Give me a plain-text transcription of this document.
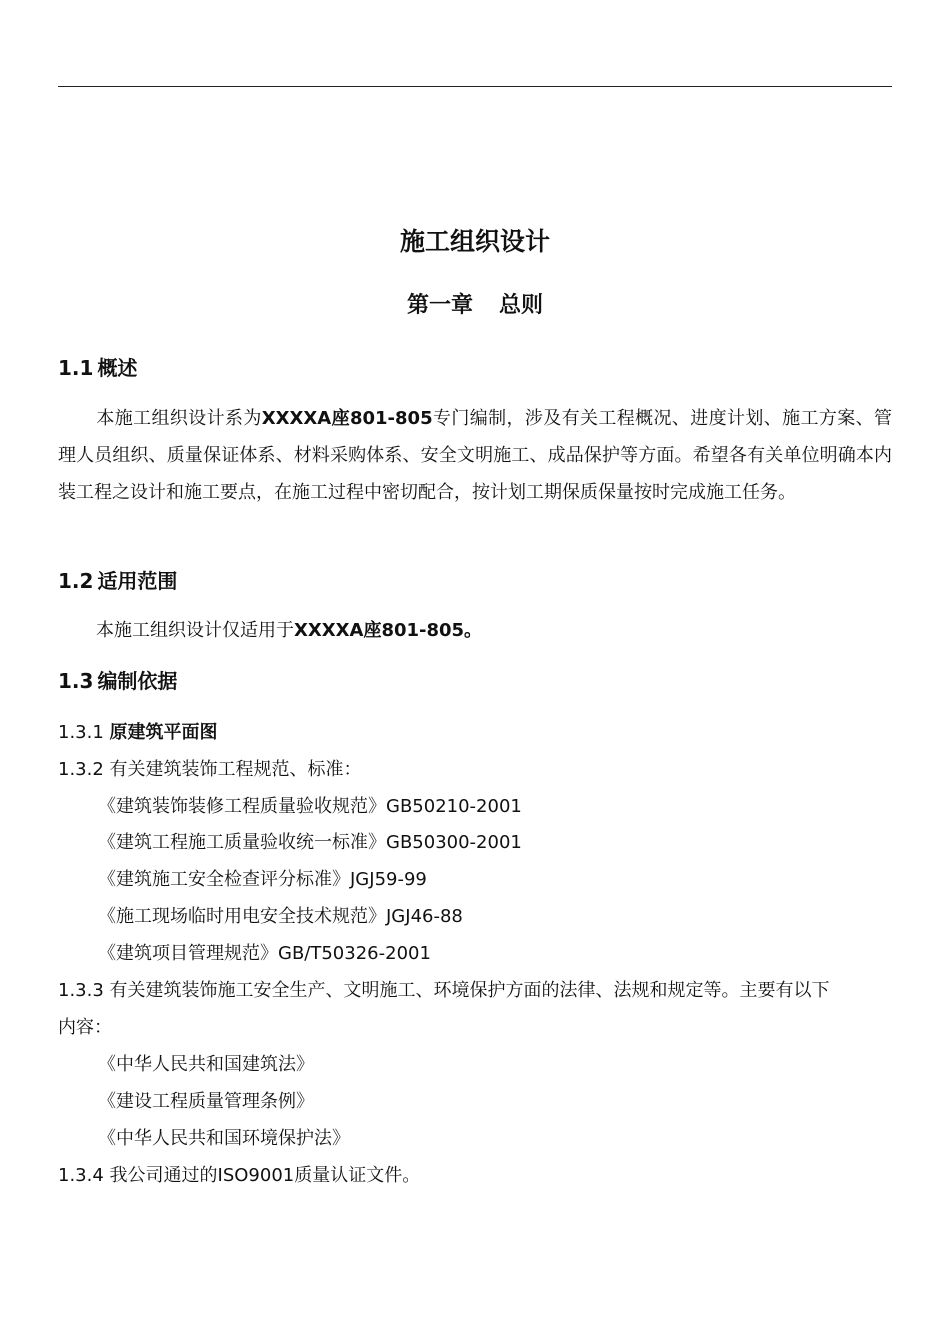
施工组织设计
第一章 总则
1.1 概述
本施工组织设计系为XXXXA座801-805专门编制，涉及有关工程概况、进度计划、施工方案、管理人员组织、质量保证体系、材料采购体系、安全文明施工、成品保护等方面。希望各有关单位明确本内装工程之设计和施工要点，在施工过程中密切配合，按计划工期保质保量按时完成施工任务。
1.2 适用范围
本施工组织设计仅适用于XXXXA座801-805。
1.3 编制依据
1.3.1 原建筑平面图
1.3.2 有关建筑装饰工程规范、标准：
《建筑装饰装修工程质量验收规范》GB50210-2001
《建筑工程施工质量验收统一标准》GB50300-2001
《建筑施工安全检查评分标准》JGJ59-99
《施工现场临时用电安全技术规范》JGJ46-88
《建筑项目管理规范》GB/T50326-2001
1.3.3 有关建筑装饰施工安全生产、文明施工、环境保护方面的法律、法规和规定等。主要有以下
内容：
《中华人民共和国建筑法》
《建设工程质量管理条例》
《中华人民共和国环境保护法》
1.3.4 我公司通过的ISO9001质量认证文件。
